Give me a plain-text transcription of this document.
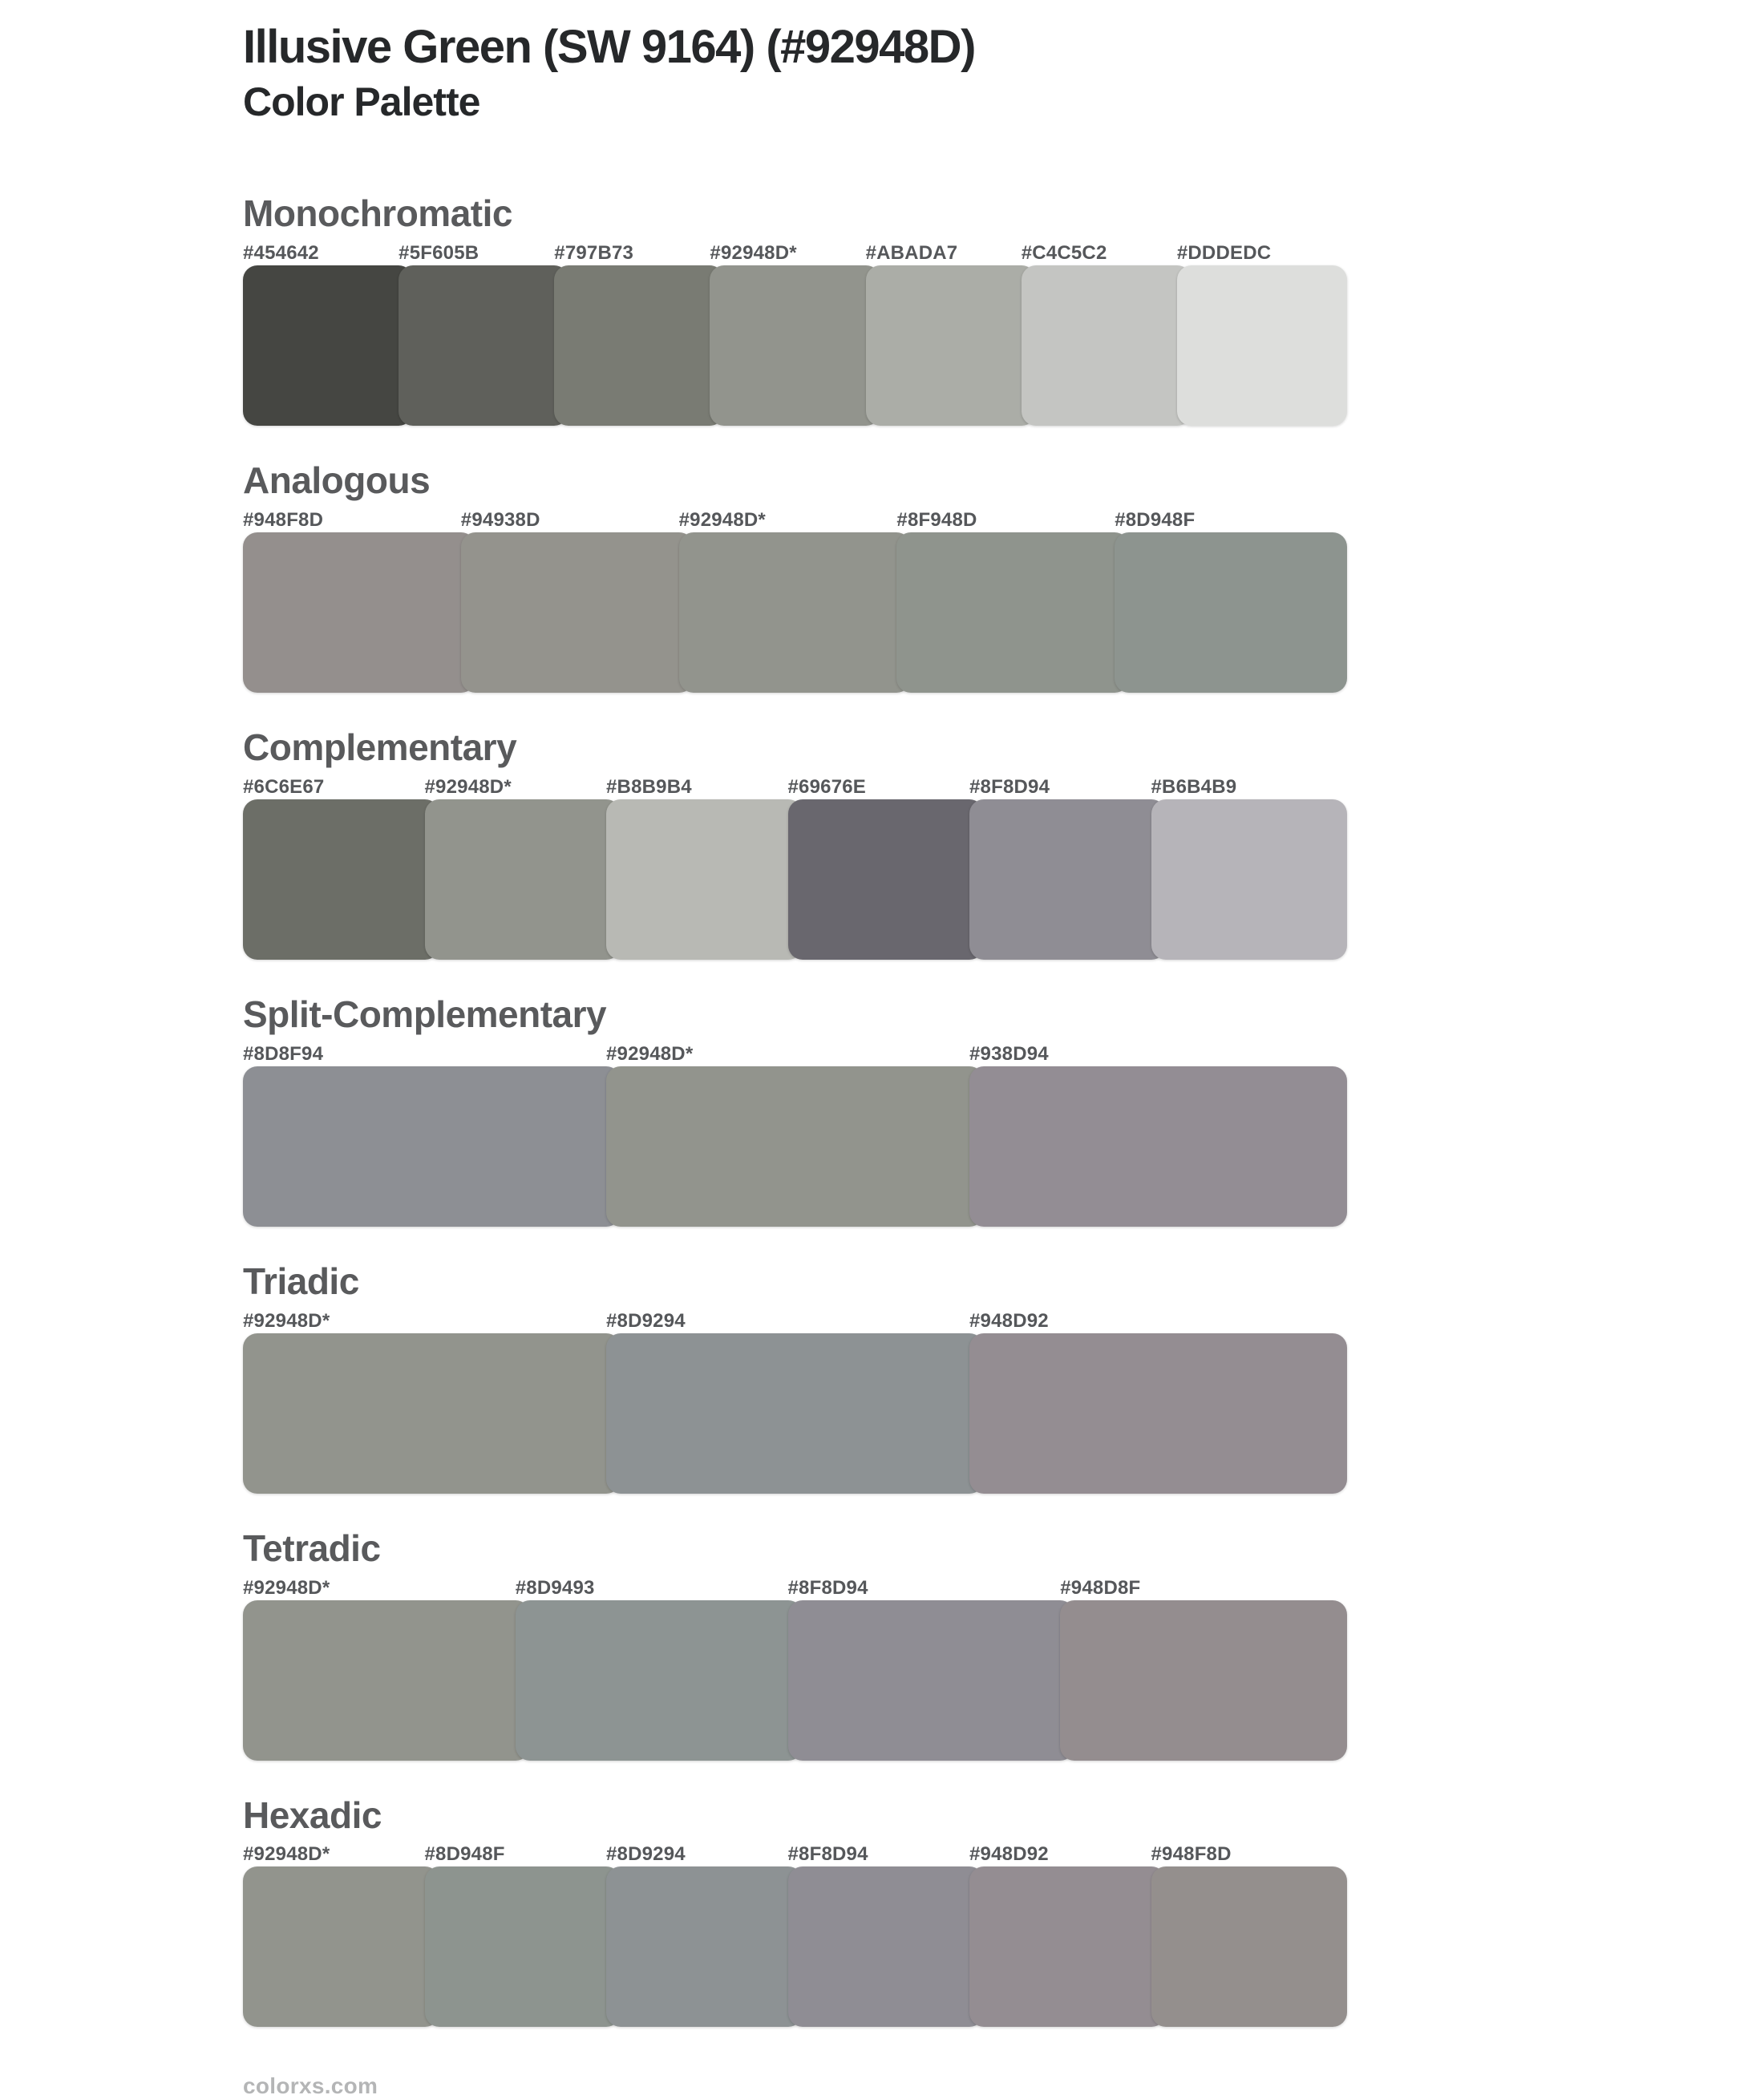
Illusive Green (SW 9164) (#92948D)
Color Palette
Monochromatic
#454642	#5F605B	#797B73	#92948D*	#ABADA7	#C4C5C2	#DDDEDC
Analogous
#948F8D	#94938D	#92948D*	#8F948D	#8D948F
Complementary
#6C6E67	#92948D*	#B8B9B4	#69676E	#8F8D94	#B6B4B9
Split-Complementary
#8D8F94	#92948D*	#938D94
Triadic
#92948D*	#8D9294	#948D92
Tetradic
#92948D*	#8D9493	#8F8D94	#948D8F
Hexadic
#92948D*	#8D948F	#8D9294	#8F8D94	#948D92	#948F8D
colorxs.com
